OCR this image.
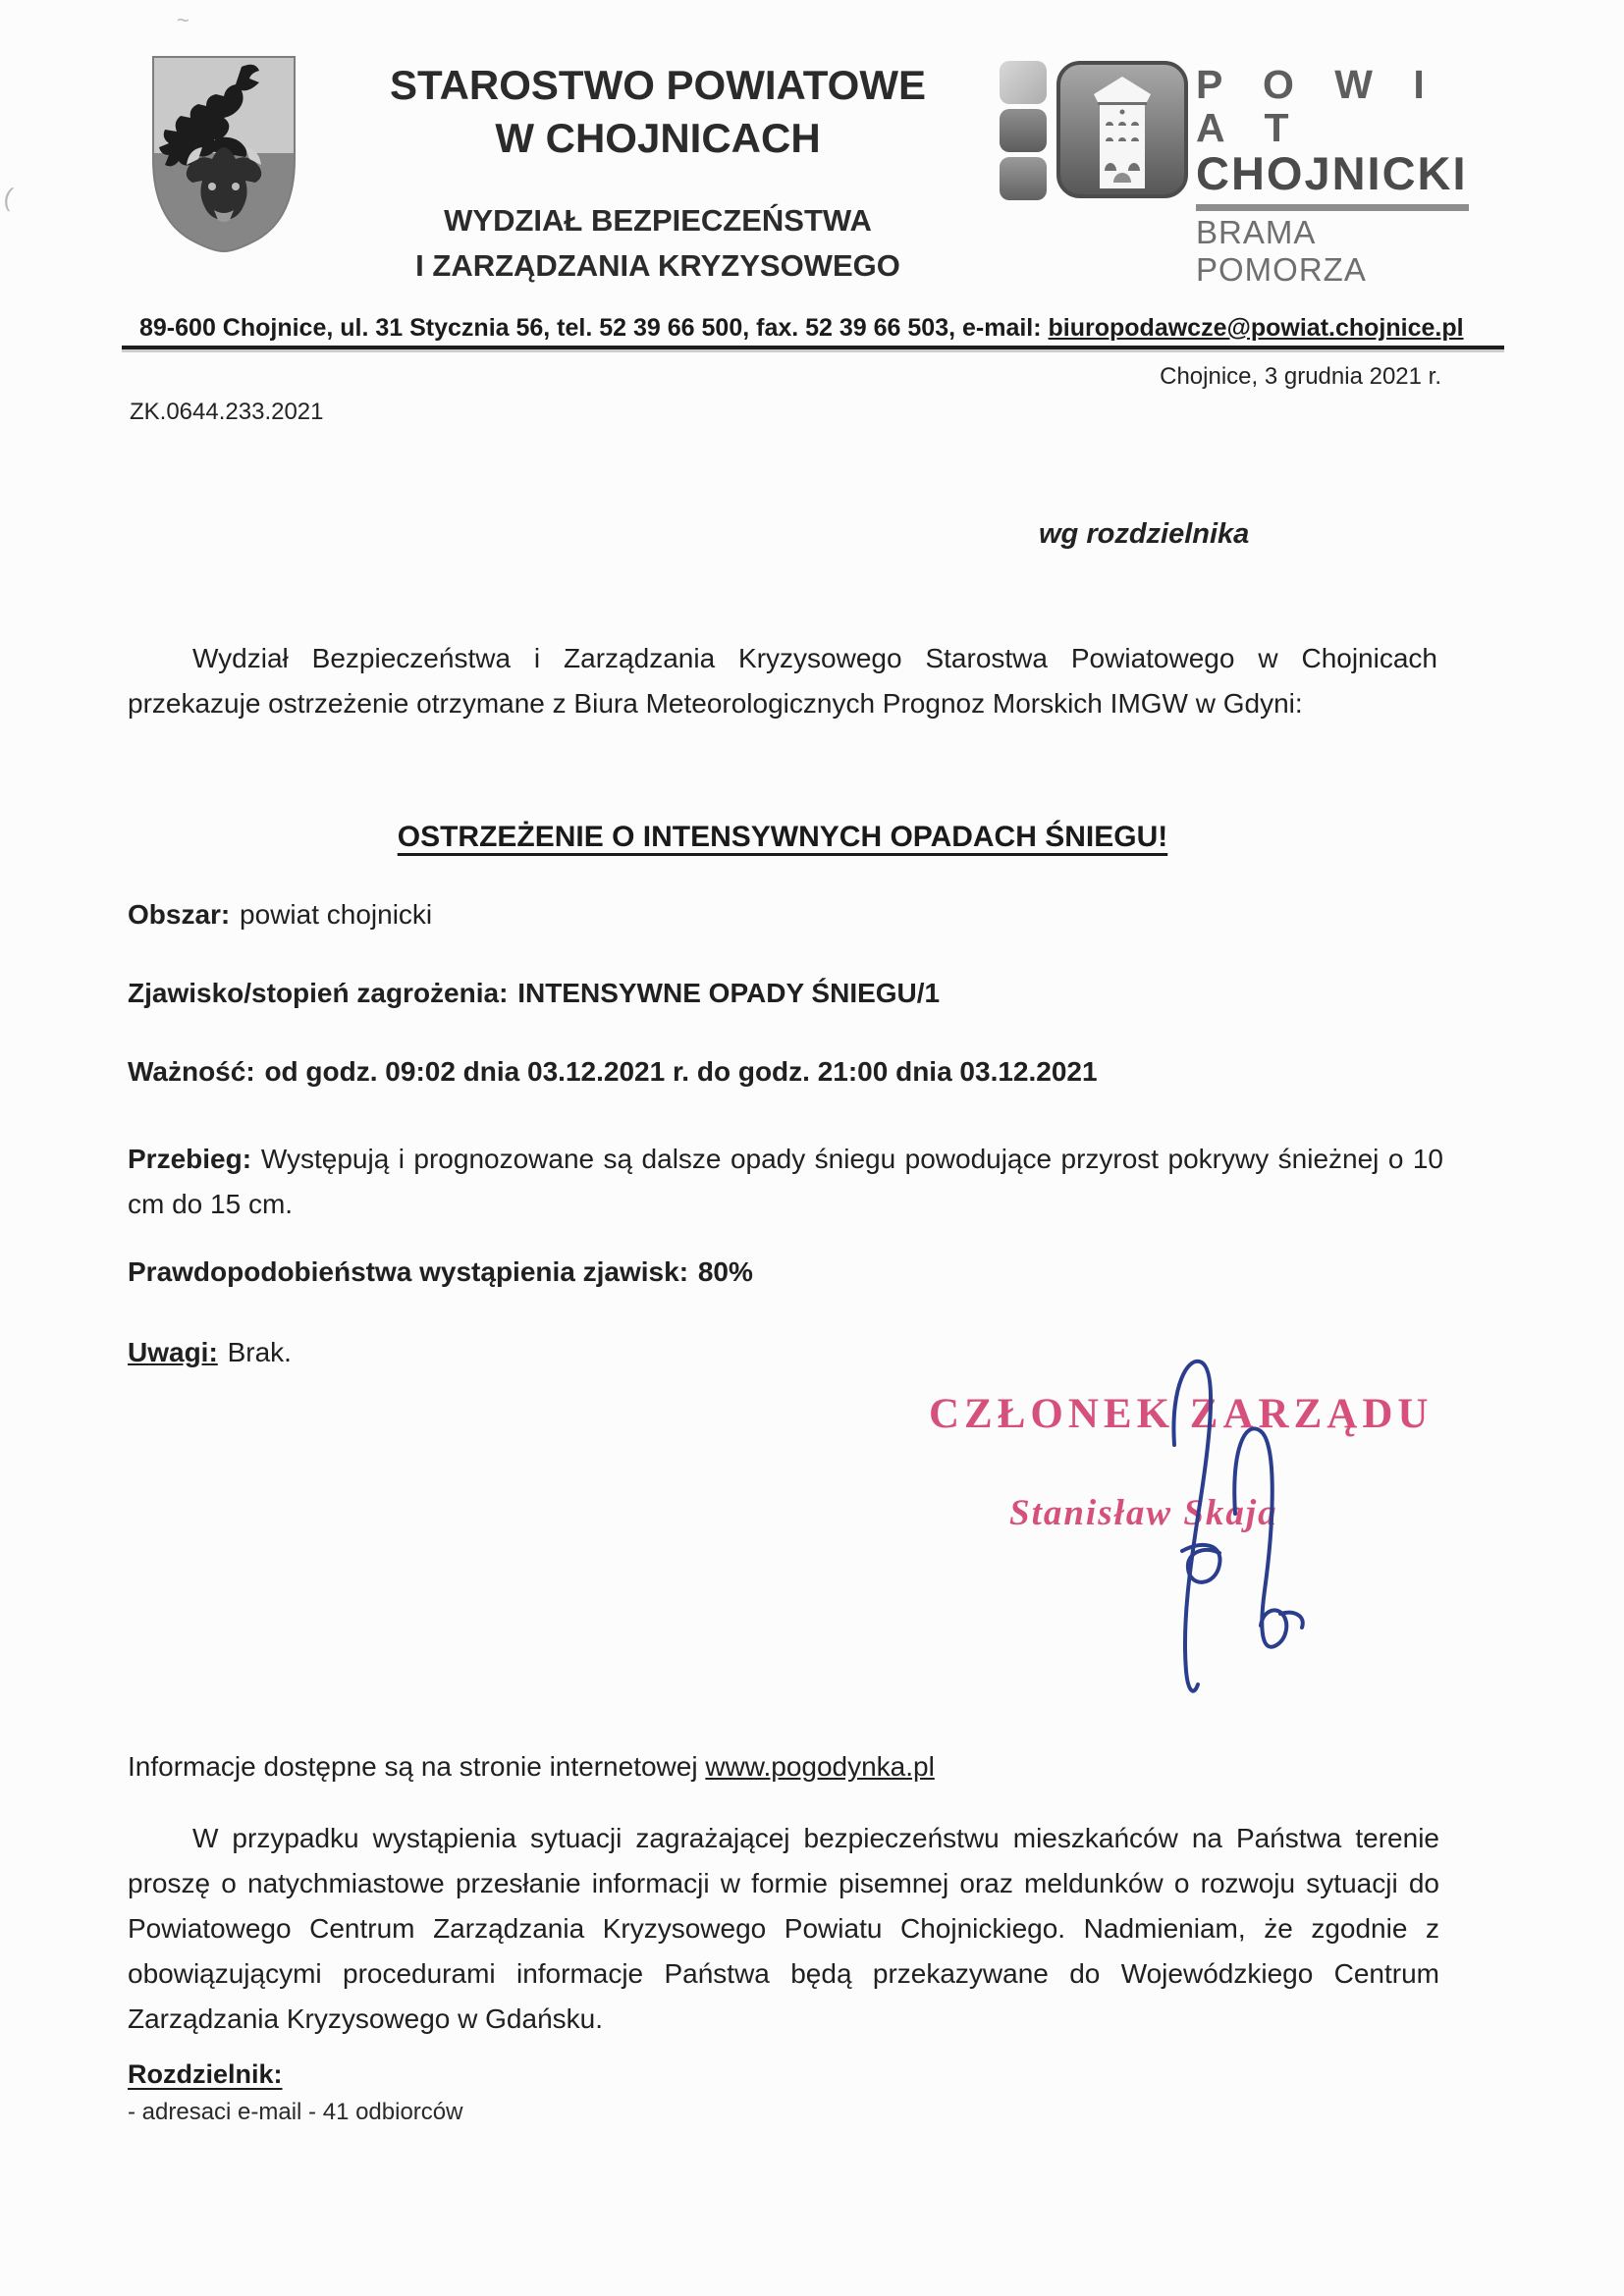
STAROSTWO POWIATOWE
W CHOJNICACH
WYDZIAŁ BEZPIECZEŃSTWA
I ZARZĄDZANIA KRYZYSOWEGO
P O W I A T
CHOJNICKI
BRAMA POMORZA
89-600 Chojnice, ul. 31 Stycznia 56, tel. 52 39 66 500, fax. 52 39 66 503, e-mail: biuropodawcze@powiat.chojnice.pl
Chojnice, 3 grudnia 2021 r.
ZK.0644.233.2021
wg rozdzielnika
Wydział Bezpieczeństwa i Zarządzania Kryzysowego Starostwa Powiatowego w Chojnicach przekazuje ostrzeżenie otrzymane z Biura Meteorologicznych Prognoz Morskich IMGW w Gdyni:
OSTRZEŻENIE O INTENSYWNYCH OPADACH ŚNIEGU!
Obszar: powiat chojnicki
Zjawisko/stopień zagrożenia: INTENSYWNE OPADY ŚNIEGU/1
Ważność: od godz. 09:02 dnia 03.12.2021 r. do godz. 21:00 dnia 03.12.2021
Przebieg: Występują i prognozowane są dalsze opady śniegu powodujące przyrost pokrywy śnieżnej o 10 cm do 15 cm.
Prawdopodobieństwa wystąpienia zjawisk: 80%
Uwagi: Brak.
CZŁONEK ZARZĄDU
Stanisław Skaja
Informacje dostępne są na stronie internetowej www.pogodynka.pl
W przypadku wystąpienia sytuacji zagrażającej bezpieczeństwu mieszkańców na Państwa terenie proszę o natychmiastowe przesłanie informacji w formie pisemnej oraz meldunków o rozwoju sytuacji do Powiatowego Centrum Zarządzania Kryzysowego Powiatu Chojnickiego. Nadmieniam, że zgodnie z obowiązującymi procedurami informacje Państwa będą przekazywane do Wojewódzkiego Centrum Zarządzania Kryzysowego w Gdańsku.
Rozdzielnik:
- adresaci e-mail - 41 odbiorców
~
( ​
